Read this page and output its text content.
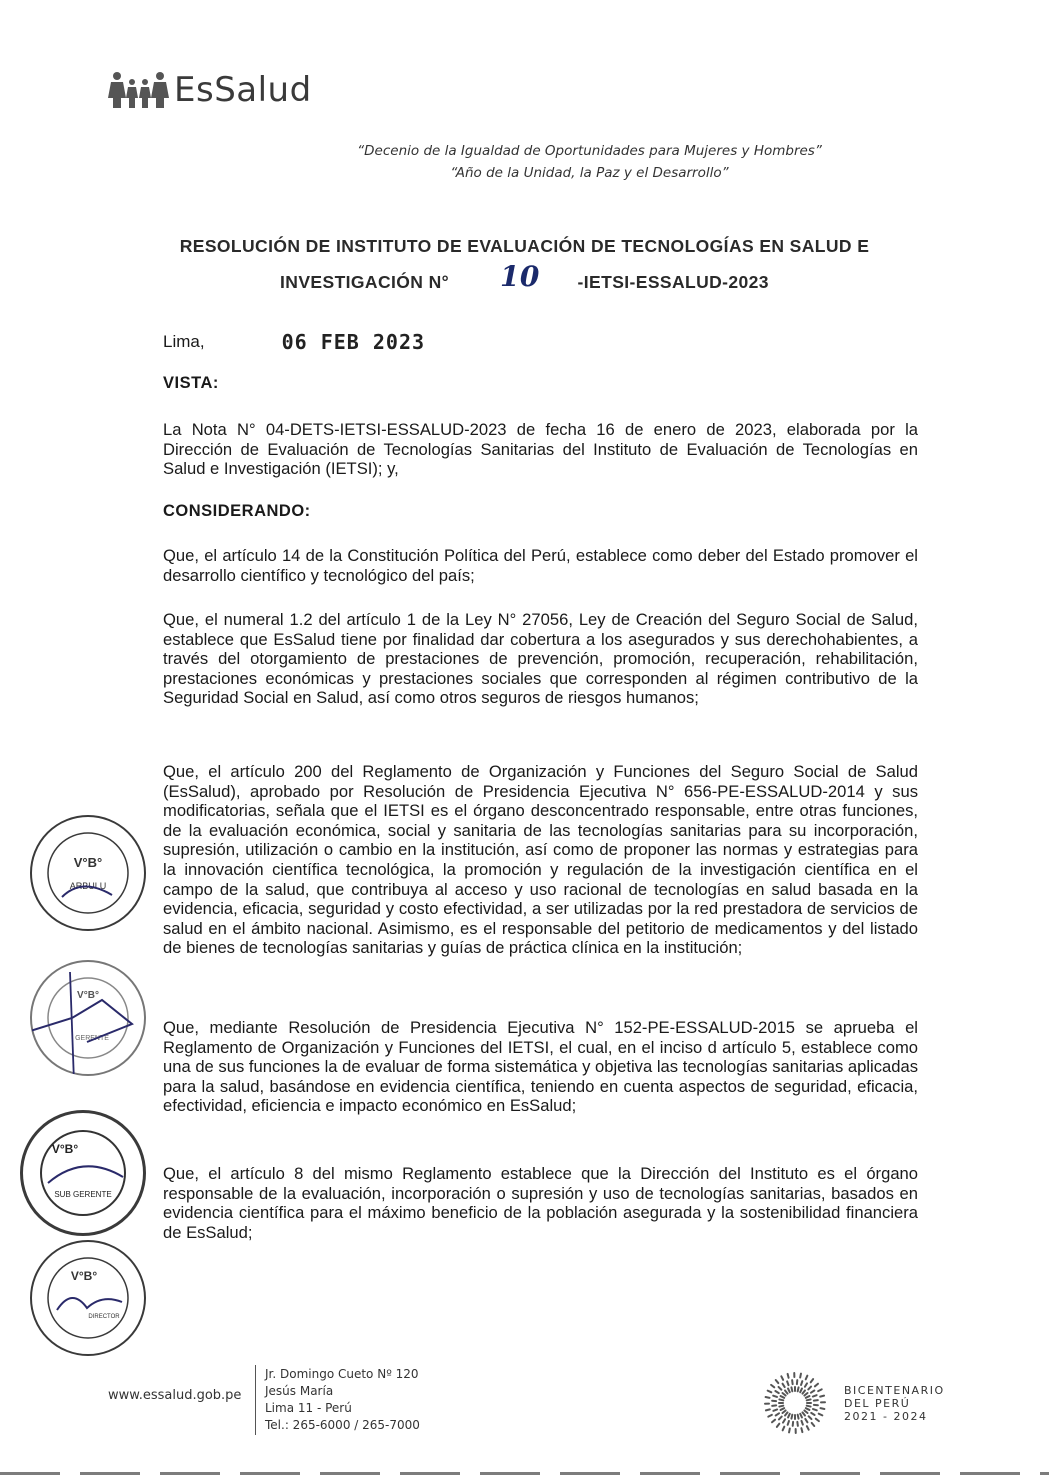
EsSalud
“Decenio de la Igualdad de Oportunidades para Mujeres y Hombres”
“Año de la Unidad, la Paz y el Desarrollo”
RESOLUCIÓN DE INSTITUTO DE EVALUACIÓN DE TECNOLOGÍAS EN SALUD E
INVESTIGACIÓN N°	-IETSI-ESSALUD-2023
10
Lima,	06 FEB 2023
VISTA:
La Nota N° 04-DETS-IETSI-ESSALUD-2023 de fecha 16 de enero de 2023, elaborada por la Dirección de Evaluación de Tecnologías Sanitarias del Instituto de Evaluación de Tecnologías en Salud e Investigación (IETSI); y,
CONSIDERANDO:
Que, el artículo 14 de la Constitución Política del Perú, establece como deber del Estado promover el desarrollo científico y tecnológico del país;
Que, el numeral 1.2 del artículo 1 de la Ley N° 27056, Ley de Creación del Seguro Social de Salud, establece que EsSalud tiene por finalidad dar cobertura a los asegurados y sus derechohabientes, a través del otorgamiento de prestaciones de prevención, promoción, recuperación, rehabilitación, prestaciones económicas y prestaciones sociales que corresponden al régimen contributivo de la Seguridad Social en Salud, así como otros seguros de riesgos humanos;
Que, el artículo 200 del Reglamento de Organización y Funciones del Seguro Social de Salud (EsSalud), aprobado por Resolución de Presidencia Ejecutiva N° 656-PE-ESSALUD-2014 y sus modificatorias, señala que el IETSI es el órgano desconcentrado responsable, entre otras funciones, de la evaluación económica, social y sanitaria de las tecnologías sanitarias para su incorporación, supresión, utilización o cambio en la institución, así como de proponer las normas y estrategias para la innovación científica tecnológica, la promoción y regulación de la investigación científica en el campo de la salud, que contribuya al acceso y uso racional de tecnologías en salud basada en la evidencia, eficacia, seguridad y costo efectividad, a ser utilizadas por la red prestadora de servicios de salud en el ámbito nacional. Asimismo, es el responsable del petitorio de medicamentos y del listado de bienes de tecnologías sanitarias y guías de práctica clínica en la institución;
Que, mediante Resolución de Presidencia Ejecutiva N° 152-PE-ESSALUD-2015 se aprueba el Reglamento de Organización y Funciones del IETSI, el cual, en el inciso d artículo 5, establece como una de sus funciones la de evaluar de forma sistemática y objetiva las tecnologías sanitarias aplicadas para la salud, basándose en evidencia científica, teniendo en cuenta aspectos de seguridad, eficacia, efectividad, eficiencia e impacto económico en EsSalud;
Que, el artículo 8 del mismo Reglamento establece que la Dirección del Instituto es el órgano responsable de la evaluación, incorporación o supresión y uso de tecnologías sanitarias, basados en evidencia científica para el máximo beneficio de la población asegurada y la sostenibilidad financiera de EsSalud;
V°B°
ARBULU
V°B°
GERENTE
V°B°
SUB GERENTE
V°B°
DIRECTOR
www.essalud.gob.pe
Jr. Domingo Cueto Nº 120
Jesús María
Lima 11 - Perú
Tel.: 265-6000 / 265-7000
BICENTENARIO
DEL PERÚ
2021 - 2024
